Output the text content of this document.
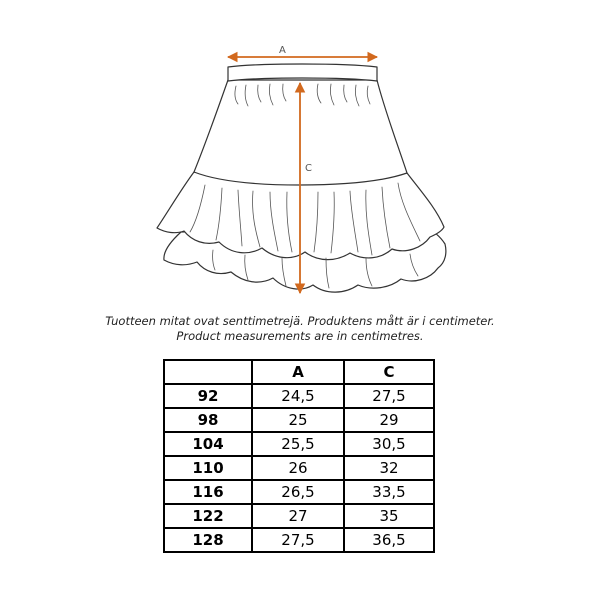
A
C
Tuotteen mitat ovat senttimetrejä. Produktens mått är i centimeter.
Product measurements are in centimetres.
	A	C
92	24,5	27,5
98	25	29
104	25,5	30,5
110	26	32
116	26,5	33,5
122	27	35
128	27,5	36,5
